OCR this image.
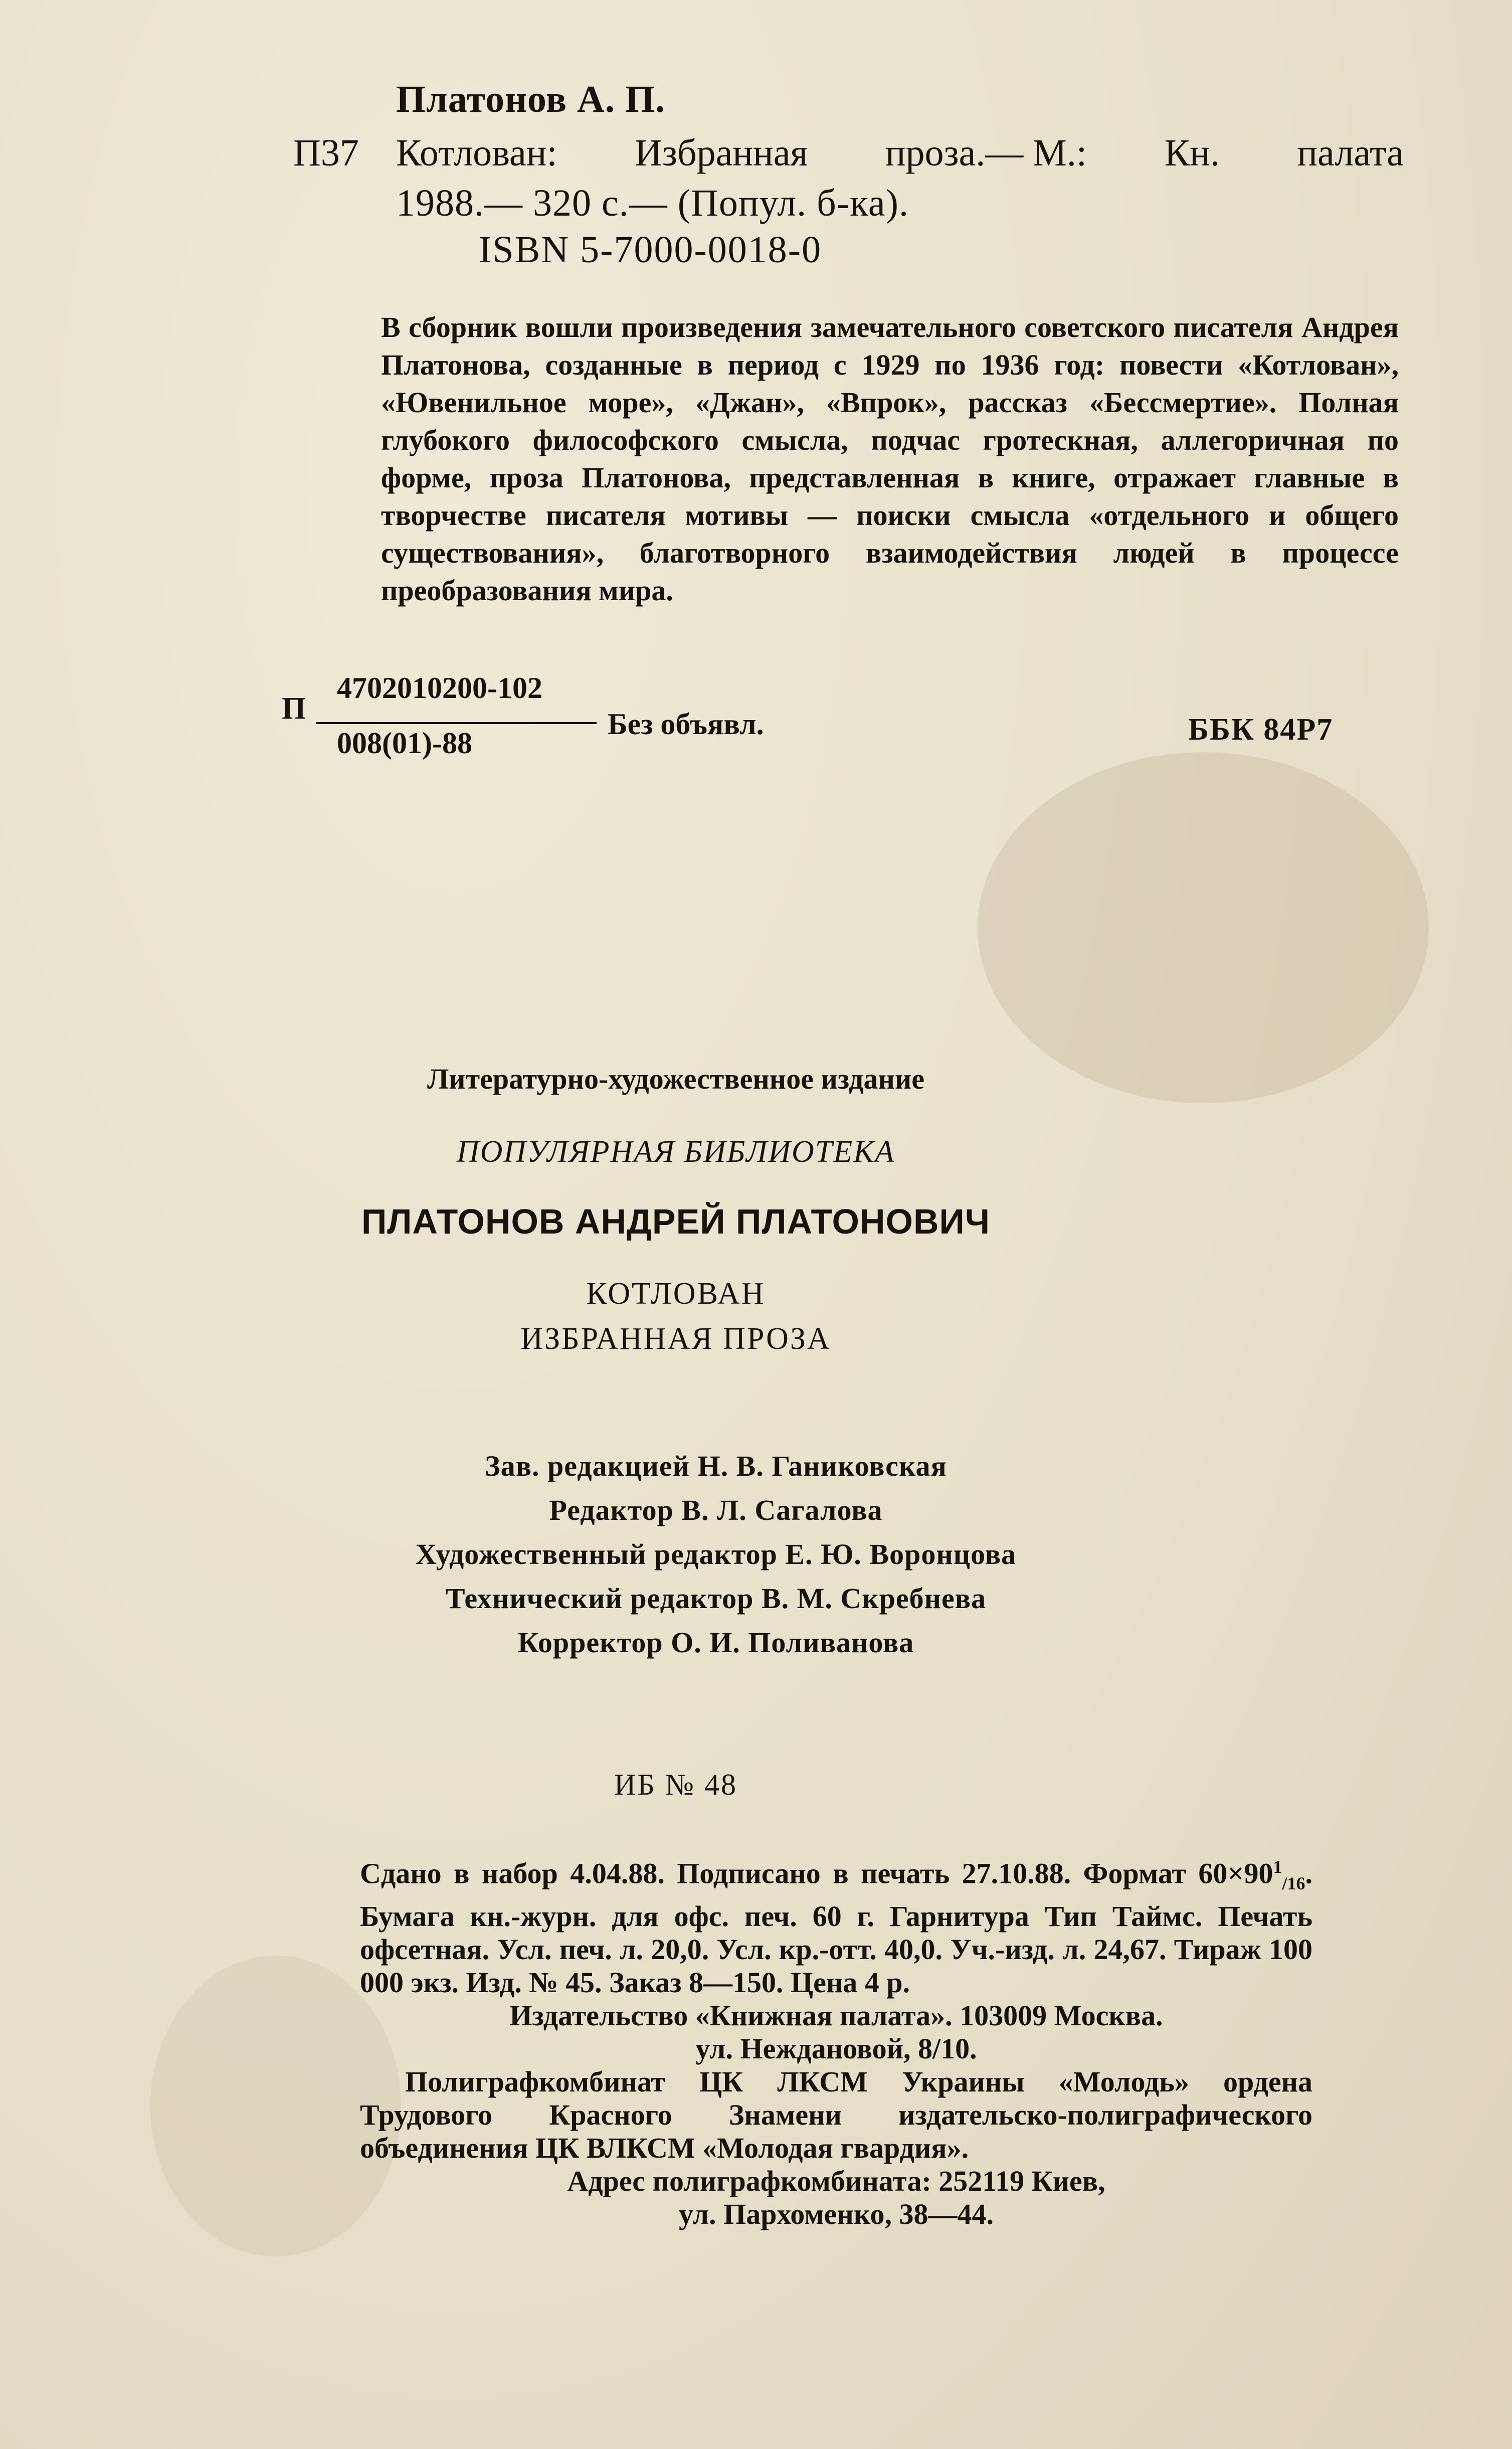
Платонов А. П.
П37 Котлован: Избранная проза.— М.: Кн. палата
1988.— 320 с.— (Попул. б-ка).
ISBN 5-7000-0018-0

В сборник вошли произведения замечательного советского писателя Андрея Платонова, созданные в период с 1929 по 1936 год: повести «Котлован», «Ювенильное море», «Джан», «Впрок», рассказ «Бессмертие». Полная глубокого философского смысла, подчас гротескная, аллегоричная по форме, проза Платонова, представленная в книге, отражает главные в творчестве писателя мотивы — поиски смысла «отдельного и общего существования», благотворного взаимодействия людей в процессе преобразования мира.

П
4702010200-102
008(01)-88
Без объявл.	ББК 84Р7
Литературно-художественное издание
ПОПУЛЯРНАЯ БИБЛИОТЕКА
ПЛАТОНОВ АНДРЕЙ ПЛАТОНОВИЧ
КОТЛОВАН
ИЗБРАННАЯ ПРОЗА
Зав. редакцией Н. В. Ганиковская
Редактор В. Л. Сагалова
Художественный редактор Е. Ю. Воронцова
Технический редактор В. М. Скребнева
Корректор О. И. Поливанова
ИБ № 48

Сдано в набор 4.04.88. Подписано в печать 27.10.88. Формат $60\times 90^1_{/16}$. Бумага кн.-журн. для офс. печ. 60 г. Гарнитура Тип Таймс. Печать офсетная. Усл. печ. л. 20,0. Усл. кр.-отт. 40,0. Уч.-изд. л. 24,67. Тираж 100 000 экз. Изд. № 45. Заказ 8—150. Цена 4 р.

Издательство «Книжная палата». 103009 Москва.

ул. Неждановой, 8/10.

Полиграфкомбинат ЦК ЛКСМ Украины «Молодь» ордена Трудового Красного Знамени издательско-полиграфического объединения ЦК ВЛКСМ «Молодая гвардия».

Адрес полиграфкомбината: 252119 Киев,

ул. Пархоменко, 38—44.
